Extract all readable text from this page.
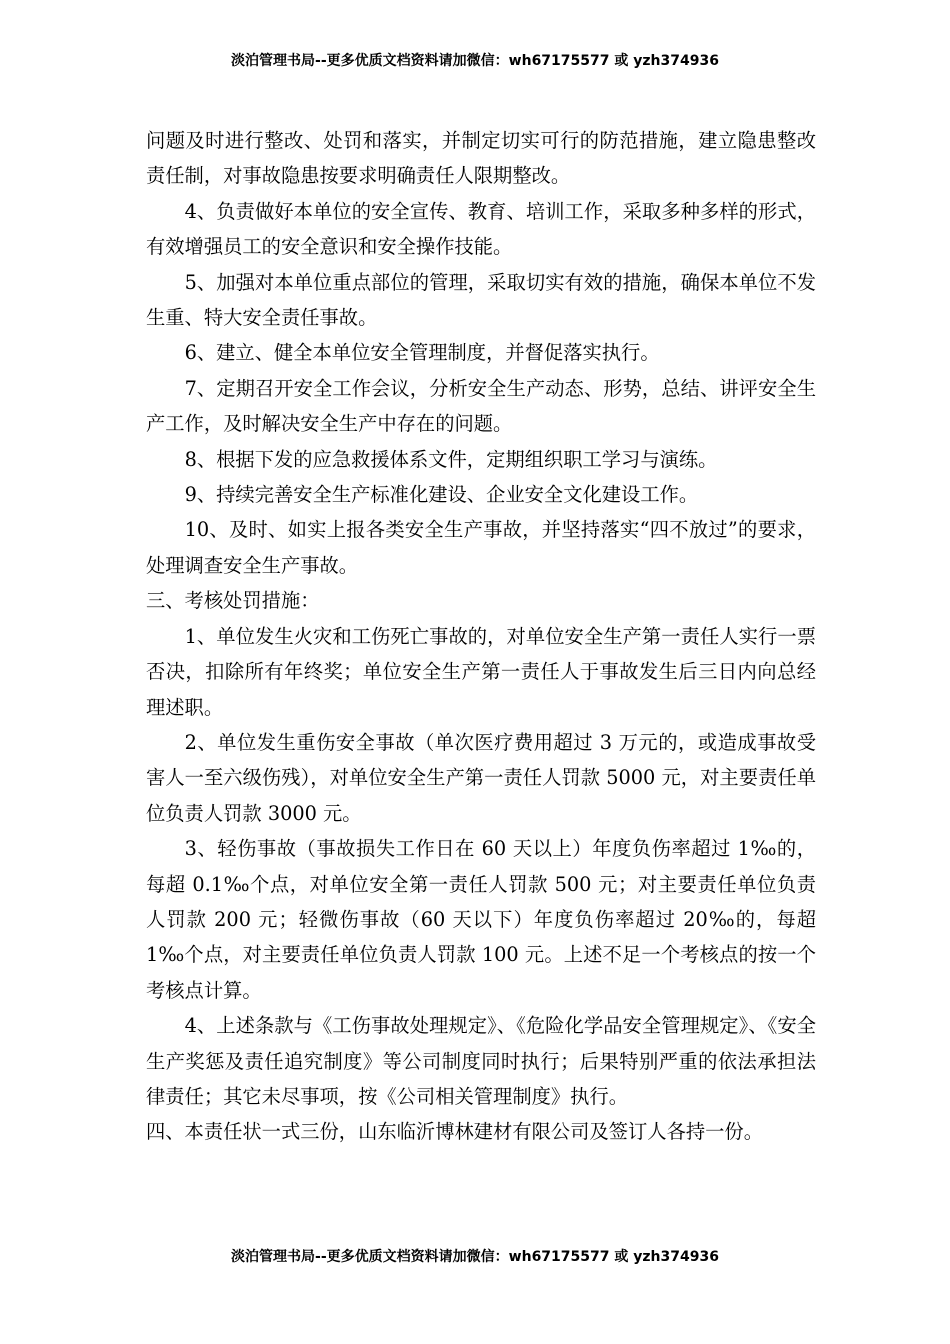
淡泊管理书局--更多优质文档资料请加微信：wh67175577 或 yzh374936

问题及时进行整改、处罚和落实，并制定切实可行的防范措施，建立隐患整改责任制，对事故隐患按要求明确责任人限期整改。

4、负责做好本单位的安全宣传、教育、培训工作，采取多种多样的形式，有效增强员工的安全意识和安全操作技能。

5、加强对本单位重点部位的管理，采取切实有效的措施，确保本单位不发生重、特大安全责任事故。

6、建立、健全本单位安全管理制度，并督促落实执行。

7、定期召开安全工作会议，分析安全生产动态、形势，总结、讲评安全生产工作，及时解决安全生产中存在的问题。

8、根据下发的应急救援体系文件，定期组织职工学习与演练。

9、持续完善安全生产标准化建设、企业安全文化建设工作。

10、及时、如实上报各类安全生产事故，并坚持落实“四不放过”的要求，处理调查安全生产事故。

三、考核处罚措施：

1、单位发生火灾和工伤死亡事故的，对单位安全生产第一责任人实行一票否决，扣除所有年终奖；单位安全生产第一责任人于事故发生后三日内向总经理述职。

2、单位发生重伤安全事故（单次医疗费用超过 3 万元的，或造成事故受害人一至六级伤残），对单位安全生产第一责任人罚款 5000 元，对主要责任单位负责人罚款 3000 元。

3、轻伤事故（事故损失工作日在 60 天以上）年度负伤率超过 1‰的，每超 0.1‰个点，对单位安全第一责任人罚款 500 元；对主要责任单位负责人罚款 200 元；轻微伤事故（60 天以下）年度负伤率超过 20‰的，每超 1‰个点，对主要责任单位负责人罚款 100 元。上述不足一个考核点的按一个考核点计算。

4、上述条款与《工伤事故处理规定》、《危险化学品安全管理规定》、《安全生产奖惩及责任追究制度》等公司制度同时执行；后果特别严重的依法承担法律责任；其它未尽事项，按《公司相关管理制度》执行。

四、本责任状一式三份，山东临沂博林建材有限公司及签订人各持一份。

淡泊管理书局--更多优质文档资料请加微信：wh67175577 或 yzh374936
